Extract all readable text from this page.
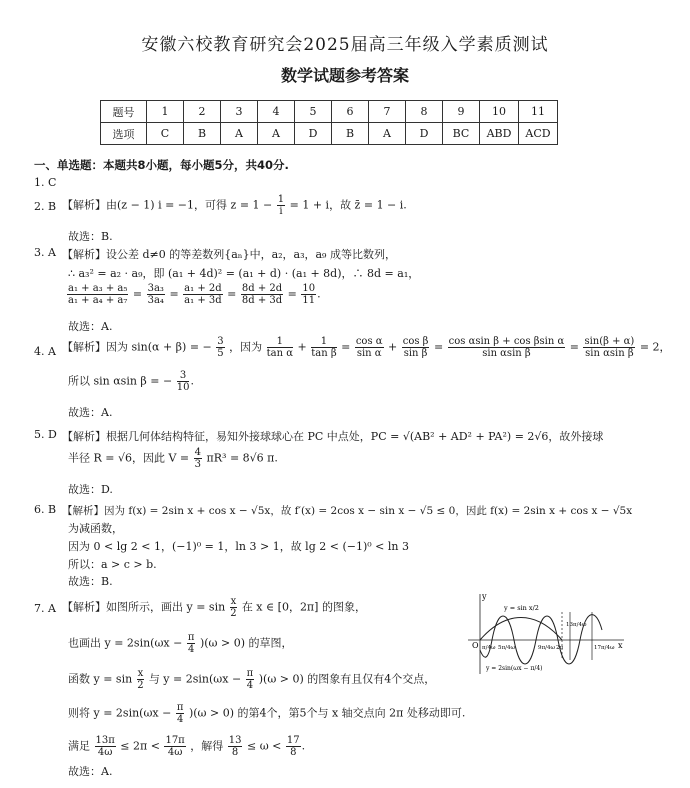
安徽六校教育研究会2025届高三年级入学素质测试
数学试题参考答案
题号	1	2	3	4	5	6	7	8	9	10	11
选项	C	B	A	A	D	B	A	D	BC	ABD	ACD
一、单选题：本题共8小题，每小题5分，共40分.
1. C
2. B 【解析】由(z − 1) i = −1，可得 $z = 1 - \frac{1}{i} = 1 + i$，故 z̄ = 1 − i.
故选：B.
3. A 【解析】设公差 d≠0 的等差数列{aₙ}中，a₂，a₃，a₉ 成等比数列，
∴ a₃² = a₂ · a₉，即 (a₁ + 4d)² = (a₁ + d) · (a₁ + 8d)，∴ 8d = a₁，
$\frac{\text{a₁ + a₃ + a₅}}{\text{a₁ + a₄ + a₇}} = \frac{\text{3a₃}}{\text{3a₄}} = \frac{\text{a₁ + 2d}}{\text{a₁ + 3d}} = \frac{8d + 2d}{8d + 3d} = \frac{10}{11}$ .
故选：A.
4. A 【解析】因为 sin(α + β) = − $\frac{3}{5}$ ，因为 $\frac{1}{\text{tan α}} + \frac{1}{\text{tan β}} = \frac{\text{cos α}}{\text{sin α}} + \frac{\text{cos β}}{\text{sin β}} = \frac{\text{cos αsin β + cos βsin α}}{\text{sin αsin β}} = \frac{\sin(\beta + \alpha)}{\text{sin αsin β}} = 2$，
所以 sin αsin β = − $\frac{3}{10}$ .
故选：A.
5. D 【解析】根据几何体结构特征，易知外接球球心在 PC 中点处，PC = √(AB² + AD² + PA²) = 2√6，故外接球
半径 R = √6，因此 $V = \frac{4}{3} \pi R^3 = 8√6$ π.
故选：D.
6. B 【解析】因为 f(x) = 2sin x + cos x − √5x，故 f′(x) = 2cos x − sin x − √5 ≤ 0，因此 f(x) = 2sin x + cos x − √5x
为减函数，
因为 0 < lg 2 < 1，(−1)⁰ = 1，ln 3 > 1，故 lg 2 < (−1)⁰ < ln 3
所以：a > c > b.
故选：B.
7. A 【解析】如图所示，画出 $y = \sin \frac{x}{2}$ 在 x ∈ [0，2π] 的图象，
也画出 $y = 2\sin(\omega x - \frac{\pi}{4} )(\omega > 0)$ 的草图，
函数 $y = \sin \frac{x}{2}$ 与 $y = 2\sin(\omega x - \frac{\pi}{4} )(\omega > 0)$ 的图象有且仅有4个交点，
则将 $y = 2\sin(\omega x - \frac{\pi}{4} )(\omega > 0)$ 的第4个，第5个与 x 轴交点向 2π 处移动即可.
满足 $\frac{13\pi}{4\omega} \le 2\pi < \frac{17\pi}{4\omega}$ ，解得 $\frac{13}{8} \le \omega < \frac{17}{8}$ .
故选：A.
y
x
O
y = sin x/2
y = 2sin(ωx − π/4)
π/4ω 5π/4ω	9π/4ω 2π
13π/4ω
17π/4ω
